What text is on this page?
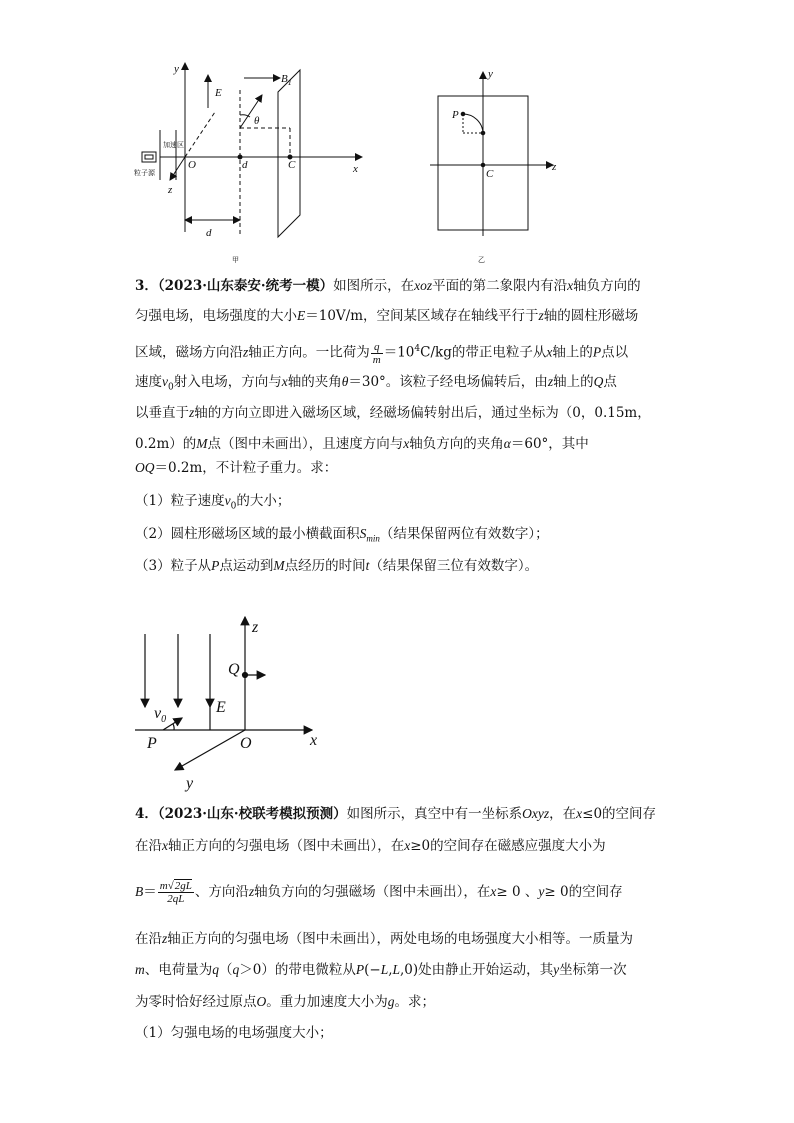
y
x
z
E
$B_1$
θ
O	d	C
d
粒子源
加速区
甲
y
z
P
C
乙
3．（2023·山东泰安·统考一模）如图所示，在xoz平面的第二象限内有沿x轴负方向的
匀强电场，电场强度的大小E＝10V/m，空间某区域存在轴线平行于z轴的圆柱形磁场
区域，磁场方向沿z轴正方向。一比荷为 $\frac{q}{m} =10^4C/kg$的带正电粒子从x轴上的P点以
速度$v_0$射入电场，方向与x轴的夹角θ＝30°。该粒子经电场偏转后，由z轴上的Q点
以垂直于z轴的方向立即进入磁场区域，经磁场偏转射出后，通过坐标为（0，0.15m，
0.2m）的M点（图中未画出），且速度方向与x轴负方向的夹角α＝60°，其中
OQ＝0.2m，不计粒子重力。求：
（1）粒子速度$v_0$的大小；
（2）圆柱形磁场区域的最小横截面积$S_{min}$（结果保留两位有效数字）；
（3）粒子从P点运动到M点经历的时间t（结果保留三位有效数字）。
z
Q
$v_0$
E
P	O	x
y
4．（2023·山东·校联考模拟预测）如图所示，真空中有一坐标系Oxyz，在x≤0的空间存
在沿x轴正方向的匀强电场（图中未画出），在x≥0的空间存在磁感应强度大小为
$B= \frac{m√2gL}{2qL}$ 、方向沿z轴负方向的匀强磁场（图中未画出），在x≥ 0 、y≥ 0的空间存
在沿z轴正方向的匀强电场（图中未画出），两处电场的电场强度大小相等。一质量为
m、电荷量为q（q＞0）的带电微粒从P(−L,L,0)处由静止开始运动，其y坐标第一次
为零时恰好经过原点O。重力加速度大小为g。求；
（1）匀强电场的电场强度大小；
